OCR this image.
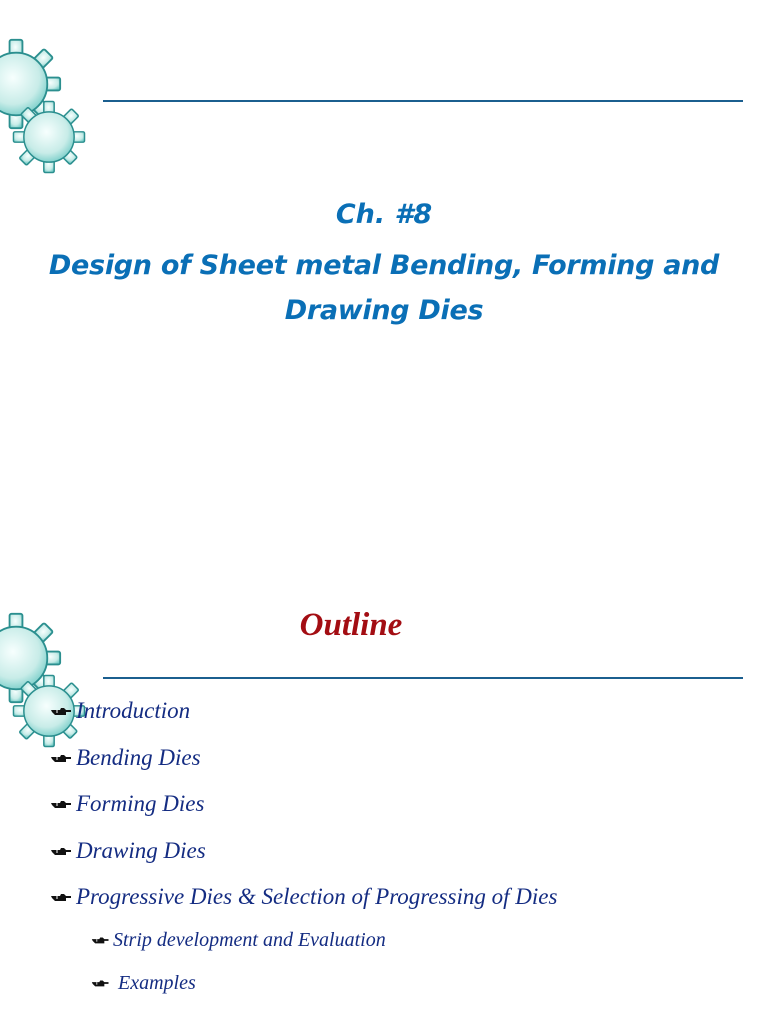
Ch. #8
Design of Sheet metal Bending, Forming and
Drawing Dies
Outline
Introduction
Bending Dies
Forming Dies
Drawing Dies
Progressive Dies & Selection of Progressing of Dies
Strip development and Evaluation
Examples
